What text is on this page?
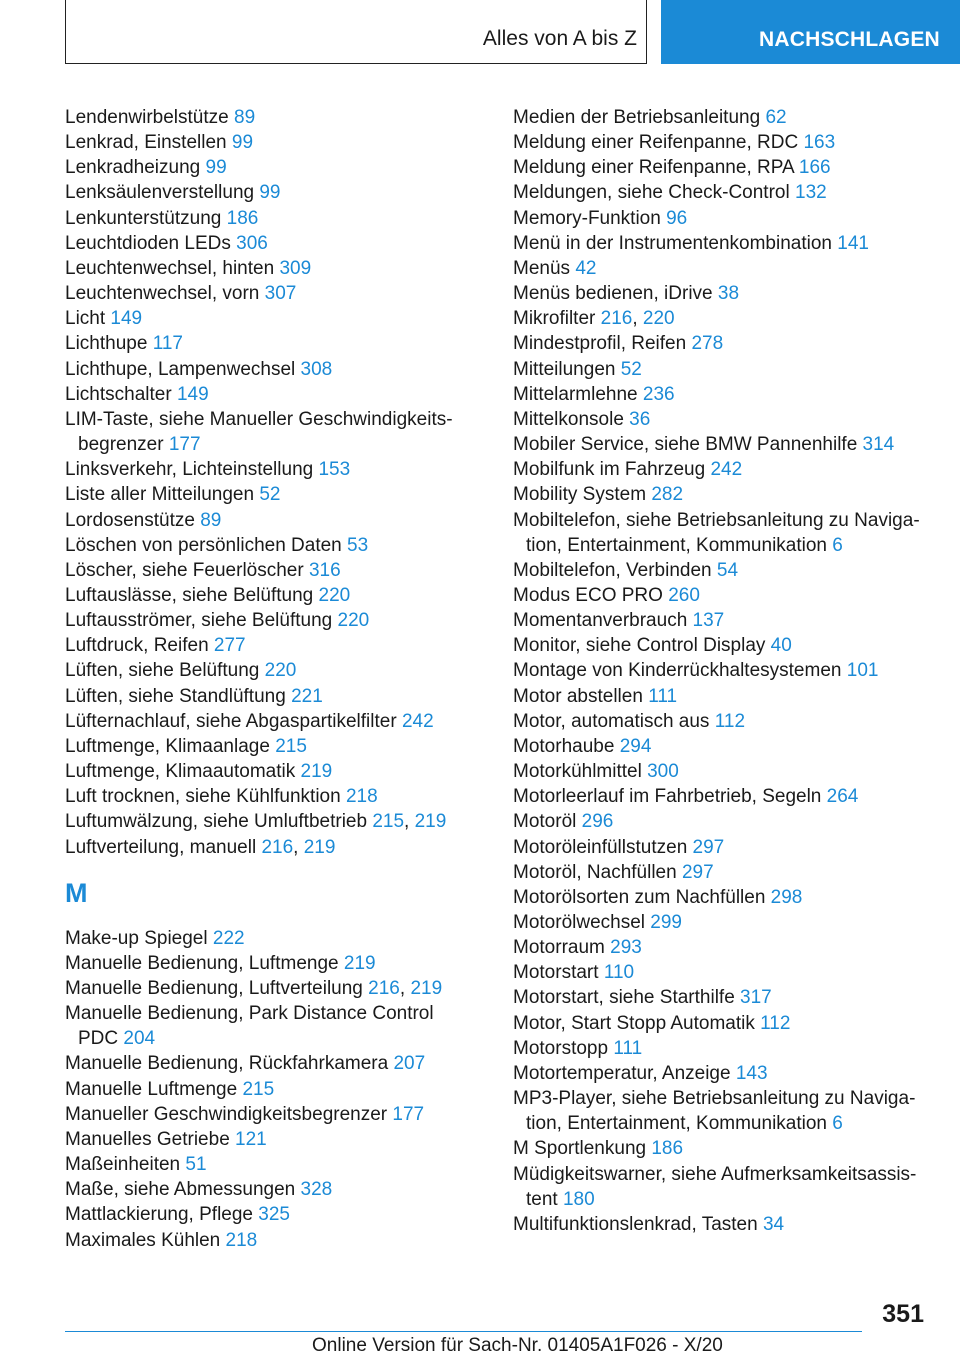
Alles von A bis Z	NACHSCHLAGEN
Lendenwirbelstütze 89
Lenkrad, Einstellen 99
Lenkradheizung 99
Lenksäulenverstellung 99
Lenkunterstützung 186
Leuchtdioden LEDs 306
Leuchtenwechsel, hinten 309
Leuchtenwechsel, vorn 307
Licht 149
Lichthupe 117
Lichthupe, Lampenwechsel 308
Lichtschalter 149
LIM-Taste, siehe Manueller Geschwindigkeitsbegrenzer 177
Linksverkehr, Lichteinstellung 153
Liste aller Mitteilungen 52
Lordosenstütze 89
Löschen von persönlichen Daten 53
Löscher, siehe Feuerlöscher 316
Luftauslässe, siehe Belüftung 220
Luftausströmer, siehe Belüftung 220
Luftdruck, Reifen 277
Lüften, siehe Belüftung 220
Lüften, siehe Standlüftung 221
Lüfternachlauf, siehe Abgaspartikelfilter 242
Luftmenge, Klimaanlage 215
Luftmenge, Klimaautomatik 219
Luft trocknen, siehe Kühlfunktion 218
Luftumwälzung, siehe Umluftbetrieb 215, 219
Luftverteilung, manuell 216, 219
M
Make-up Spiegel 222
Manuelle Bedienung, Luftmenge 219
Manuelle Bedienung, Luftverteilung 216, 219
Manuelle Bedienung, Park Distance Control PDC 204
Manuelle Bedienung, Rückfahrkamera 207
Manuelle Luftmenge 215
Manueller Geschwindigkeitsbegrenzer 177
Manuelles Getriebe 121
Maßeinheiten 51
Maße, siehe Abmessungen 328
Mattlackierung, Pflege 325
Maximales Kühlen 218
Medien der Betriebsanleitung 62
Meldung einer Reifenpanne, RDC 163
Meldung einer Reifenpanne, RPA 166
Meldungen, siehe Check-Control 132
Memory-Funktion 96
Menü in der Instrumentenkombination 141
Menüs 42
Menüs bedienen, iDrive 38
Mikrofilter 216, 220
Mindestprofil, Reifen 278
Mitteilungen 52
Mittelarmlehne 236
Mittelkonsole 36
Mobiler Service, siehe BMW Pannenhilfe 314
Mobilfunk im Fahrzeug 242
Mobility System 282
Mobiltelefon, siehe Betriebsanleitung zu Navigation, Entertainment, Kommunikation 6
Mobiltelefon, Verbinden 54
Modus ECO PRO 260
Momentanverbrauch 137
Monitor, siehe Control Display 40
Montage von Kinderrückhaltesystemen 101
Motor abstellen 111
Motor, automatisch aus 112
Motorhaube 294
Motorkühlmittel 300
Motorleerlauf im Fahrbetrieb, Segeln 264
Motoröl 296
Motoröleinfüllstutzen 297
Motoröl, Nachfüllen 297
Motorölsorten zum Nachfüllen 298
Motorölwechsel 299
Motorraum 293
Motorstart 110
Motorstart, siehe Starthilfe 317
Motor, Start Stopp Automatik 112
Motorstopp 111
Motortemperatur, Anzeige 143
MP3-Player, siehe Betriebsanleitung zu Navigation, Entertainment, Kommunikation 6
M Sportlenkung 186
Müdigkeitswarner, siehe Aufmerksamkeitsassistent 180
Multifunktionslenkrad, Tasten 34
351
Online Version für Sach-Nr. 01405A1F026 - X/20
